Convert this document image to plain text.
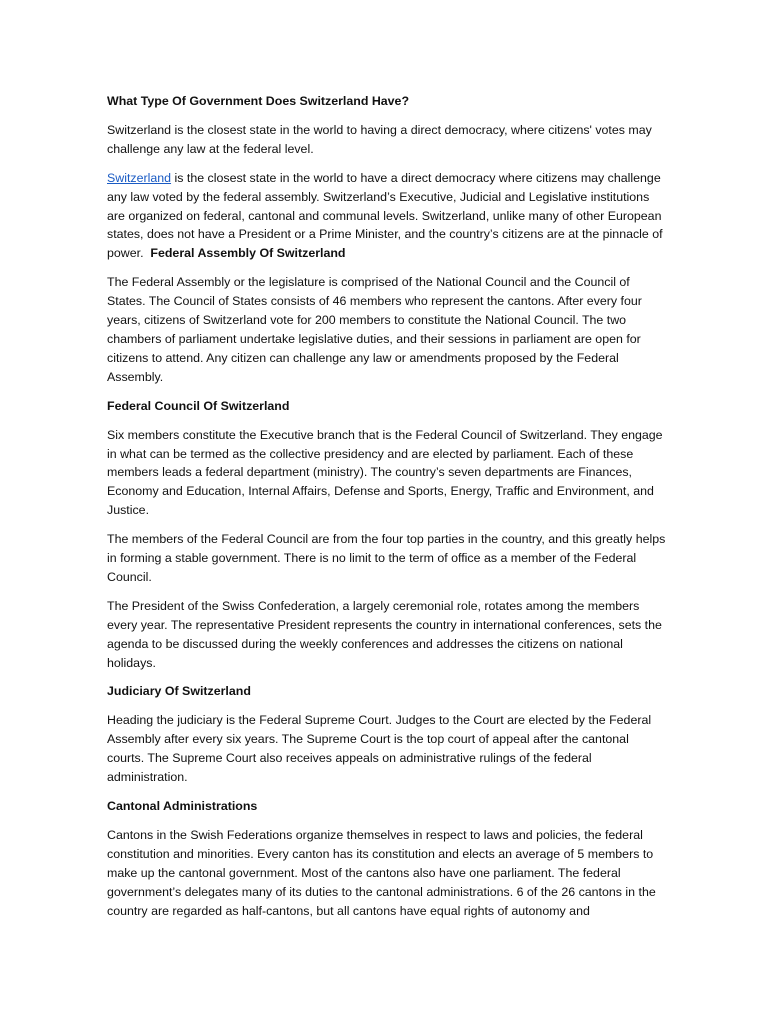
What Type Of Government Does Switzerland Have?

Switzerland is the closest state in the world to having a direct democracy, where citizens' votes may challenge any law at the federal level.

Switzerland is the closest state in the world to have a direct democracy where citizens may challenge any law voted by the federal assembly. Switzerland’s Executive, Judicial and Legislative institutions are organized on federal, cantonal and communal levels. Switzerland, unlike many of other European states, does not have a President or a Prime Minister, and the country’s citizens are at the pinnacle of power. Federal Assembly Of Switzerland

The Federal Assembly or the legislature is comprised of the National Council and the Council of States. The Council of States consists of 46 members who represent the cantons. After every four years, citizens of Switzerland vote for 200 members to constitute the National Council. The two chambers of parliament undertake legislative duties, and their sessions in parliament are open for citizens to attend. Any citizen can challenge any law or amendments proposed by the Federal Assembly.

Federal Council Of Switzerland

Six members constitute the Executive branch that is the Federal Council of Switzerland. They engage in what can be termed as the collective presidency and are elected by parliament. Each of these members leads a federal department (ministry). The country’s seven departments are Finances, Economy and Education, Internal Affairs, Defense and Sports, Energy, Traffic and Environment, and Justice.

The members of the Federal Council are from the four top parties in the country, and this greatly helps in forming a stable government. There is no limit to the term of office as a member of the Federal Council.

The President of the Swiss Confederation, a largely ceremonial role, rotates among the members every year. The representative President represents the country in international conferences, sets the agenda to be discussed during the weekly conferences and addresses the citizens on national holidays.

Judiciary Of Switzerland

Heading the judiciary is the Federal Supreme Court. Judges to the Court are elected by the Federal Assembly after every six years. The Supreme Court is the top court of appeal after the cantonal courts. The Supreme Court also receives appeals on administrative rulings of the federal administration.

Cantonal Administrations

Cantons in the Swish Federations organize themselves in respect to laws and policies, the federal constitution and minorities. Every canton has its constitution and elects an average of 5 members to make up the cantonal government. Most of the cantons also have one parliament. The federal government’s delegates many of its duties to the cantonal administrations. 6 of the 26 cantons in the country are regarded as half-cantons, but all cantons have equal rights of autonomy and
